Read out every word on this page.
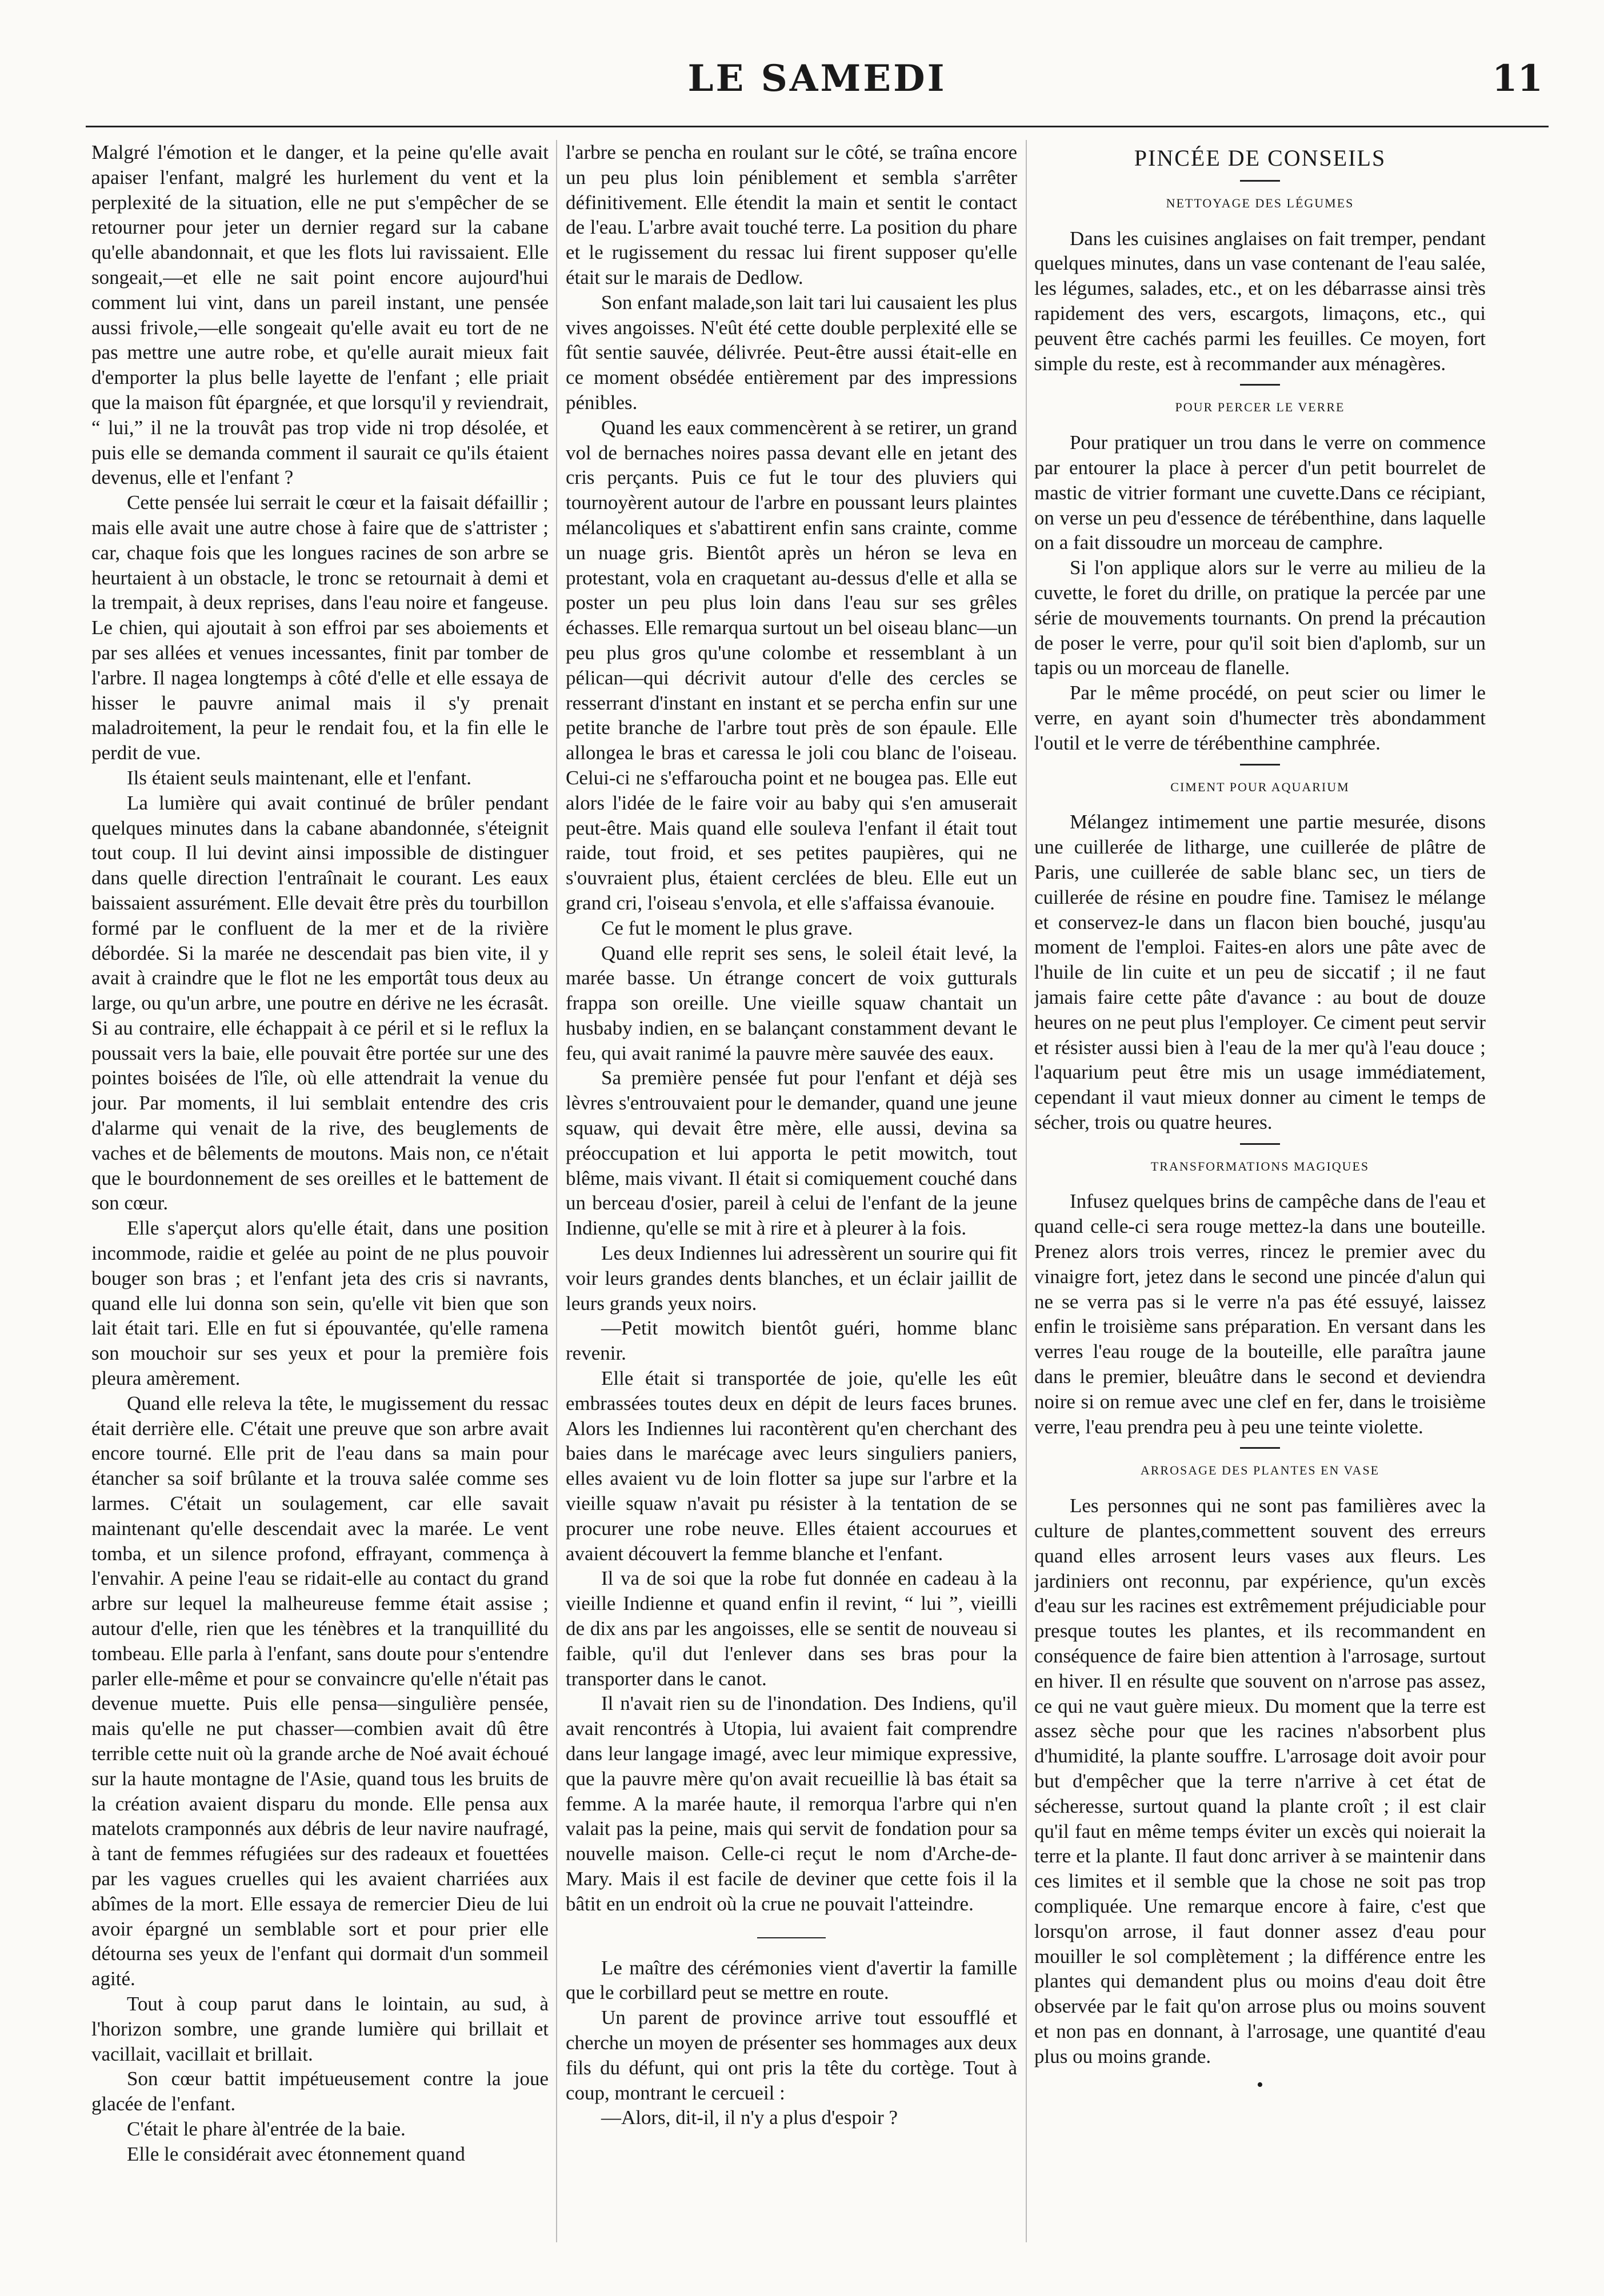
LE SAMEDI	11

Malgré l'émotion et le danger, et la peine qu'elle avait apaiser l'enfant, malgré les hurlement du vent et la perplexité de la situation, elle ne put s'empêcher de se retourner pour jeter un dernier regard sur la cabane qu'elle abandonnait, et que les flots lui ravissaient. Elle songeait,—et elle ne sait point encore aujourd'hui comment lui vint, dans un pareil instant, une pensée aussi frivole,—elle songeait qu'elle avait eu tort de ne pas mettre une autre robe, et qu'elle aurait mieux fait d'emporter la plus belle layette de l'enfant ; elle priait que la maison fût épargnée, et que lorsqu'il y reviendrait, “ lui,” il ne la trouvât pas trop vide ni trop désolée, et puis elle se demanda comment il saurait ce qu'ils étaient devenus, elle et l'enfant ?

Cette pensée lui serrait le cœur et la faisait défaillir ; mais elle avait une autre chose à faire que de s'attrister ; car, chaque fois que les longues racines de son arbre se heurtaient à un obstacle, le tronc se retournait à demi et la trempait, à deux reprises, dans l'eau noire et fangeuse. Le chien, qui ajoutait à son effroi par ses aboiements et par ses allées et venues incessantes, finit par tomber de l'arbre. Il nagea longtemps à côté d'elle et elle essaya de hisser le pauvre animal mais il s'y prenait maladroitement, la peur le rendait fou, et la fin elle le perdit de vue.

Ils étaient seuls maintenant, elle et l'enfant.

La lumière qui avait continué de brûler pendant quelques minutes dans la cabane abandonnée, s'éteignit tout coup. Il lui devint ainsi impossible de distinguer dans quelle direction l'entraînait le courant. Les eaux baissaient assurément. Elle devait être près du tourbillon formé par le confluent de la mer et de la rivière débordée. Si la marée ne descendait pas bien vite, il y avait à craindre que le flot ne les emportât tous deux au large, ou qu'un arbre, une poutre en dérive ne les écrasât. Si au contraire, elle échappait à ce péril et si le reflux la poussait vers la baie, elle pouvait être portée sur une des pointes boisées de l'île, où elle attendrait la venue du jour. Par moments, il lui semblait entendre des cris d'alarme qui venait de la rive, des beuglements de vaches et de bêlements de moutons. Mais non, ce n'était que le bourdonnement de ses oreilles et le battement de son cœur.

Elle s'aperçut alors qu'elle était, dans une position incommode, raidie et gelée au point de ne plus pouvoir bouger son bras ; et l'enfant jeta des cris si navrants, quand elle lui donna son sein, qu'elle vit bien que son lait était tari. Elle en fut si épouvantée, qu'elle ramena son mouchoir sur ses yeux et pour la première fois pleura amèrement.

Quand elle releva la tête, le mugissement du ressac était derrière elle. C'était une preuve que son arbre avait encore tourné. Elle prit de l'eau dans sa main pour étancher sa soif brûlante et la trouva salée comme ses larmes. C'était un soulagement, car elle savait maintenant qu'elle descendait avec la marée. Le vent tomba, et un silence profond, effrayant, commença à l'envahir. A peine l'eau se ridait-elle au contact du grand arbre sur lequel la malheureuse femme était assise ; autour d'elle, rien que les ténèbres et la tranquillité du tombeau. Elle parla à l'enfant, sans doute pour s'entendre parler elle-même et pour se convaincre qu'elle n'était pas devenue muette. Puis elle pensa—singulière pensée, mais qu'elle ne put chasser—combien avait dû être terrible cette nuit où la grande arche de Noé avait échoué sur la haute montagne de l'Asie, quand tous les bruits de la création avaient disparu du monde. Elle pensa aux matelots cramponnés aux débris de leur navire naufragé, à tant de femmes réfugiées sur des radeaux et fouettées par les vagues cruelles qui les avaient charriées aux abîmes de la mort. Elle essaya de remercier Dieu de lui avoir épargné un semblable sort et pour prier elle détourna ses yeux de l'enfant qui dormait d'un sommeil agité.

Tout à coup parut dans le lointain, au sud, à l'horizon sombre, une grande lumière qui brillait et vacillait, vacillait et brillait.

Son cœur battit impétueusement contre la joue glacée de l'enfant.

C'était le phare àl'entrée de la baie.

Elle le considérait avec étonnement quand

l'arbre se pencha en roulant sur le côté, se traîna encore un peu plus loin péniblement et sembla s'arrêter définitivement. Elle étendit la main et sentit le contact de l'eau. L'arbre avait touché terre. La position du phare et le rugissement du ressac lui firent supposer qu'elle était sur le marais de Dedlow.

Son enfant malade,son lait tari lui causaient les plus vives angoisses. N'eût été cette double perplexité elle se fût sentie sauvée, délivrée. Peut-être aussi était-elle en ce moment obsédée entièrement par des impressions pénibles.

Quand les eaux commencèrent à se retirer, un grand vol de bernaches noires passa devant elle en jetant des cris perçants. Puis ce fut le tour des pluviers qui tournoyèrent autour de l'arbre en poussant leurs plaintes mélancoliques et s'abattirent enfin sans crainte, comme un nuage gris. Bientôt après un héron se leva en protestant, vola en craquetant au-dessus d'elle et alla se poster un peu plus loin dans l'eau sur ses grêles échasses. Elle remarqua surtout un bel oiseau blanc—un peu plus gros qu'une colombe et ressemblant à un pélican—qui décrivit autour d'elle des cercles se resserrant d'instant en instant et se percha enfin sur une petite branche de l'arbre tout près de son épaule. Elle allongea le bras et caressa le joli cou blanc de l'oiseau. Celui-ci ne s'effaroucha point et ne bougea pas. Elle eut alors l'idée de le faire voir au baby qui s'en amuserait peut-être. Mais quand elle souleva l'enfant il était tout raide, tout froid, et ses petites paupières, qui ne s'ouvraient plus, étaient cerclées de bleu. Elle eut un grand cri, l'oiseau s'envola, et elle s'affaissa évanouie.

Ce fut le moment le plus grave.

Quand elle reprit ses sens, le soleil était levé, la marée basse. Un étrange concert de voix gutturals frappa son oreille. Une vieille squaw chantait un husbaby indien, en se balançant constamment devant le feu, qui avait ranimé la pauvre mère sauvée des eaux.

Sa première pensée fut pour l'enfant et déjà ses lèvres s'entrouvaient pour le demander, quand une jeune squaw, qui devait être mère, elle aussi, devina sa préoccupation et lui apporta le petit mowitch, tout blême, mais vivant. Il était si comiquement couché dans un berceau d'osier, pareil à celui de l'enfant de la jeune Indienne, qu'elle se mit à rire et à pleurer à la fois.

Les deux Indiennes lui adressèrent un sourire qui fit voir leurs grandes dents blanches, et un éclair jaillit de leurs grands yeux noirs.

—Petit mowitch bientôt guéri, homme blanc revenir.

Elle était si transportée de joie, qu'elle les eût embrassées toutes deux en dépit de leurs faces brunes. Alors les Indiennes lui racontèrent qu'en cherchant des baies dans le marécage avec leurs singuliers paniers, elles avaient vu de loin flotter sa jupe sur l'arbre et la vieille squaw n'avait pu résister à la tentation de se procurer une robe neuve. Elles étaient accourues et avaient découvert la femme blanche et l'enfant.

Il va de soi que la robe fut donnée en cadeau à la vieille Indienne et quand enfin il revint, “ lui ”, vieilli de dix ans par les angoisses, elle se sentit de nouveau si faible, qu'il dut l'enlever dans ses bras pour la transporter dans le canot.

Il n'avait rien su de l'inondation. Des Indiens, qu'il avait rencontrés à Utopia, lui avaient fait comprendre dans leur langage imagé, avec leur mimique expressive, que la pauvre mère qu'on avait recueillie là bas était sa femme. A la marée haute, il remorqua l'arbre qui n'en valait pas la peine, mais qui servit de fondation pour sa nouvelle maison. Celle-ci reçut le nom d'Arche-de-Mary. Mais il est facile de deviner que cette fois il la bâtit en un endroit où la crue ne pouvait l'atteindre.

Le maître des cérémonies vient d'avertir la famille que le corbillard peut se mettre en route.

Un parent de province arrive tout essoufflé et cherche un moyen de présenter ses hommages aux deux fils du défunt, qui ont pris la tête du cortège. Tout à coup, montrant le cercueil :

—Alors, dit-il, il n'y a plus d'espoir ?

PINCÉE DE CONSEILS
NETTOYAGE DES LÉGUMES

Dans les cuisines anglaises on fait tremper, pendant quelques minutes, dans un vase contenant de l'eau salée, les légumes, salades, etc., et on les débarrasse ainsi très rapidement des vers, escargots, limaçons, etc., qui peuvent être cachés parmi les feuilles. Ce moyen, fort simple du reste, est à recommander aux ménagères.

POUR PERCER LE VERRE

Pour pratiquer un trou dans le verre on commence par entourer la place à percer d'un petit bourrelet de mastic de vitrier formant une cuvette.Dans ce récipiant, on verse un peu d'essence de térébenthine, dans laquelle on a fait dissoudre un morceau de camphre.

Si l'on applique alors sur le verre au milieu de la cuvette, le foret du drille, on pratique la percée par une série de mouvements tournants. On prend la précaution de poser le verre, pour qu'il soit bien d'aplomb, sur un tapis ou un morceau de flanelle.

Par le même procédé, on peut scier ou limer le verre, en ayant soin d'humecter très abondamment l'outil et le verre de térébenthine camphrée.

CIMENT POUR AQUARIUM

Mélangez intimement une partie mesurée, disons une cuillerée de litharge, une cuillerée de plâtre de Paris, une cuillerée de sable blanc sec, un tiers de cuillerée de résine en poudre fine. Tamisez le mélange et conservez-le dans un flacon bien bouché, jusqu'au moment de l'emploi. Faites-en alors une pâte avec de l'huile de lin cuite et un peu de siccatif ; il ne faut jamais faire cette pâte d'avance : au bout de douze heures on ne peut plus l'employer. Ce ciment peut servir et résister aussi bien à l'eau de la mer qu'à l'eau douce ; l'aquarium peut être mis un usage immédiatement, cependant il vaut mieux donner au ciment le temps de sécher, trois ou quatre heures.

TRANSFORMATIONS MAGIQUES

Infusez quelques brins de campêche dans de l'eau et quand celle-ci sera rouge mettez-la dans une bouteille. Prenez alors trois verres, rincez le premier avec du vinaigre fort, jetez dans le second une pincée d'alun qui ne se verra pas si le verre n'a pas été essuyé, laissez enfin le troisième sans préparation. En versant dans les verres l'eau rouge de la bouteille, elle paraîtra jaune dans le premier, bleuâtre dans le second et deviendra noire si on remue avec une clef en fer, dans le troisième verre, l'eau prendra peu à peu une teinte violette.

ARROSAGE DES PLANTES EN VASE

Les personnes qui ne sont pas familières avec la culture de plantes,commettent souvent des erreurs quand elles arrosent leurs vases aux fleurs. Les jardiniers ont reconnu, par expérience, qu'un excès d'eau sur les racines est extrêmement préjudiciable pour presque toutes les plantes, et ils recommandent en conséquence de faire bien attention à l'arrosage, surtout en hiver. Il en résulte que souvent on n'arrose pas assez, ce qui ne vaut guère mieux. Du moment que la terre est assez sèche pour que les racines n'absorbent plus d'humidité, la plante souffre. L'arrosage doit avoir pour but d'empêcher que la terre n'arrive à cet état de sécheresse, surtout quand la plante croît ; il est clair qu'il faut en même temps éviter un excès qui noierait la terre et la plante. Il faut donc arriver à se maintenir dans ces limites et il semble que la chose ne soit pas trop compliquée. Une remarque encore à faire, c'est que lorsqu'on arrose, il faut donner assez d'eau pour mouiller le sol complètement ; la différence entre les plantes qui demandent plus ou moins d'eau doit être observée par le fait qu'on arrose plus ou moins souvent et non pas en donnant, à l'arrosage, une quantité d'eau plus ou moins grande.

•
